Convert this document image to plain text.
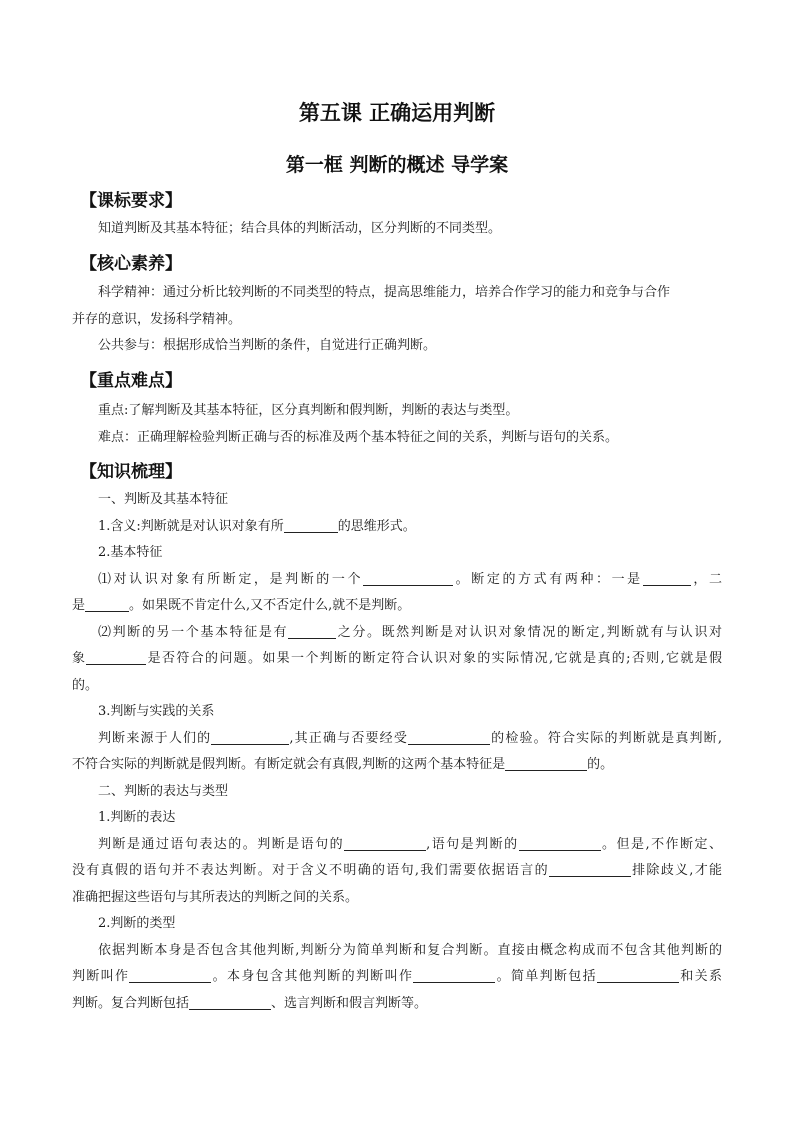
第五课 正确运用判断
第一框 判断的概述 导学案
【课标要求】
知道判断及其基本特征；结合具体的判断活动，区分判断的不同类型。
【核心素养】
科学精神：通过分析比较判断的不同类型的特点，提高思维能力，培养合作学习的能力和竞争与合作
并存的意识，发扬科学精神。
公共参与：根据形成恰当判断的条件，自觉进行正确判断。
【重点难点】
重点:了解判断及其基本特征，区分真判断和假判断，判断的表达与类型。
难点：正确理解检验判断正确与否的标准及两个基本特征之间的关系，判断与语句的关系。
【知识梳理】
一、判断及其基本特征
1.含义:判断就是对认识对象有所	的思维形式。
2.基本特征
⑴对认识对象有所断定，是判断的一个	。断定的方式有两种：一是	，二
是	。如果既不肯定什么,又不否定什么,就不是判断。
⑵判断的另一个基本特征是有	之分。既然判断是对认识对象情况的断定,判断就有与认识对
象	是否符合的问题。如果一个判断的断定符合认识对象的实际情况,它就是真的;否则,它就是假
的。
3.判断与实践的关系
判断来源于人们的	,其正确与否要经受	的检验。符合实际的判断就是真判断,
不符合实际的判断就是假判断。有断定就会有真假,判断的这两个基本特征是	的。
二、判断的表达与类型
1.判断的表达
判断是通过语句表达的。判断是语句的	,语句是判断的	。但是,不作断定、
没有真假的语句并不表达判断。对于含义不明确的语句,我们需要依据语言的	排除歧义,才能
准确把握这些语句与其所表达的判断之间的关系。
2.判断的类型
依据判断本身是否包含其他判断,判断分为简单判断和复合判断。直接由概念构成而不包含其他判断的
判断叫作	。本身包含其他判断的判断叫作	。简单判断包括	和关系
判断。复合判断包括	、选言判断和假言判断等。
